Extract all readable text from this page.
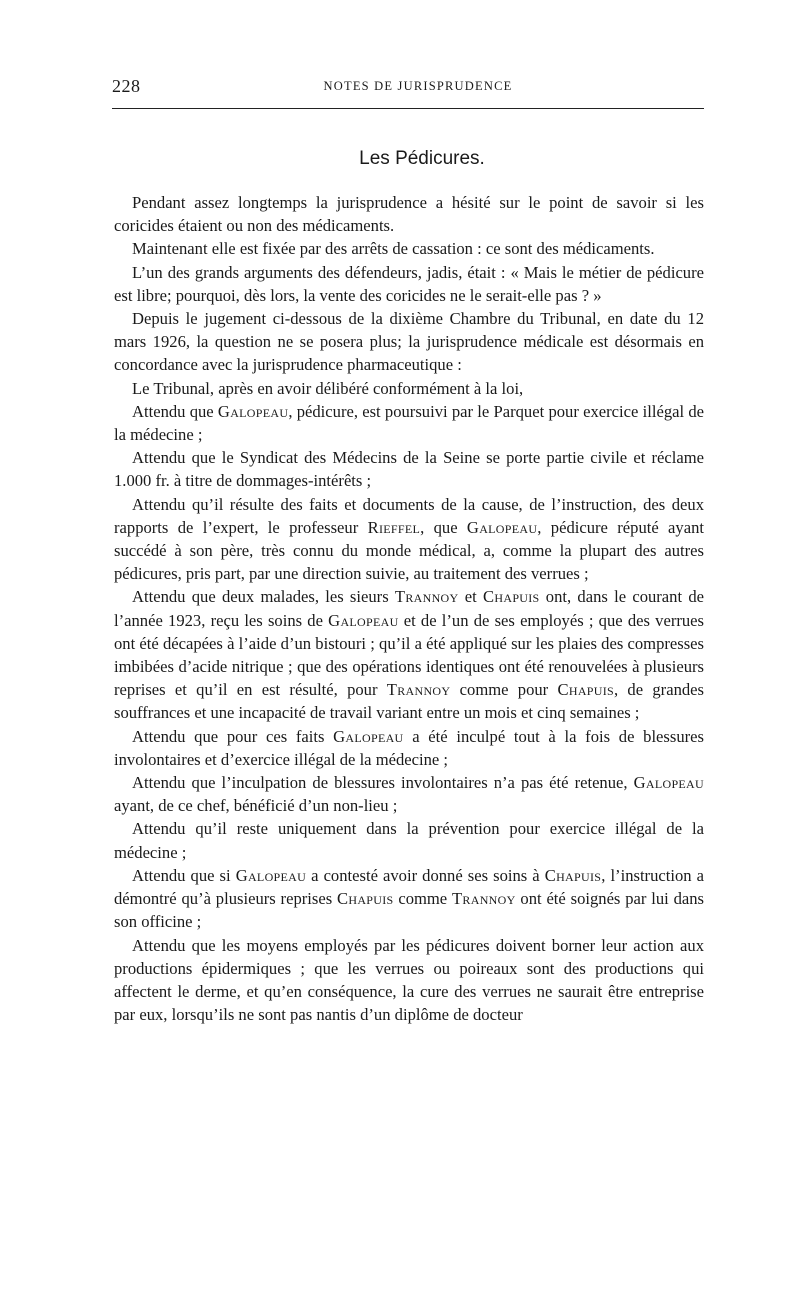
228	NOTES DE JURISPRUDENCE
Les Pédicures.

Pendant assez longtemps la jurisprudence a hésité sur le point de savoir si les coricides étaient ou non des médicaments.

Maintenant elle est fixée par des arrêts de cassation : ce sont des médicaments.

L’un des grands arguments des défendeurs, jadis, était : « Mais le métier de pédicure est libre; pourquoi, dès lors, la vente des coricides ne le serait-elle pas ? »

Depuis le jugement ci-dessous de la dixième Chambre du Tribunal, en date du 12 mars 1926, la question ne se posera plus; la jurisprudence médicale est désormais en concordance avec la jurisprudence pharmaceutique :

Le Tribunal, après en avoir délibéré conformément à la loi,

Attendu que Galopeau, pédicure, est poursuivi par le Parquet pour exercice illégal de la médecine ;

Attendu que le Syndicat des Médecins de la Seine se porte partie civile et réclame 1.000 fr. à titre de dommages-intérêts ;

Attendu qu’il résulte des faits et documents de la cause, de l’instruction, des deux rapports de l’expert, le professeur Rieffel, que Galopeau, pédicure réputé ayant succédé à son père, très connu du monde médical, a, comme la plupart des autres pédicures, pris part, par une direction suivie, au traitement des verrues ;

Attendu que deux malades, les sieurs Trannoy et Chapuis ont, dans le courant de l’année 1923, reçu les soins de Galopeau et de l’un de ses employés ; que des verrues ont été décapées à l’aide d’un bistouri ; qu’il a été appliqué sur les plaies des compresses imbibées d’acide nitrique ; que des opérations identiques ont été renouvelées à plusieurs reprises et qu’il en est résulté, pour Trannoy comme pour Chapuis, de grandes souffrances et une incapacité de travail variant entre un mois et cinq semaines ;

Attendu que pour ces faits Galopeau a été inculpé tout à la fois de blessures involontaires et d’exercice illégal de la médecine ;

Attendu que l’inculpation de blessures involontaires n’a pas été retenue, Galopeau ayant, de ce chef, bénéficié d’un non-lieu ;

Attendu qu’il reste uniquement dans la prévention pour exercice illégal de la médecine ;

Attendu que si Galopeau a contesté avoir donné ses soins à Chapuis, l’instruction a démontré qu’à plusieurs reprises Chapuis comme Trannoy ont été soignés par lui dans son officine ;

Attendu que les moyens employés par les pédicures doivent borner leur action aux productions épidermiques ; que les verrues ou poireaux sont des productions qui affectent le derme, et qu’en conséquence, la cure des verrues ne saurait être entreprise par eux, lorsqu’ils ne sont pas nantis d’un diplôme de docteur
